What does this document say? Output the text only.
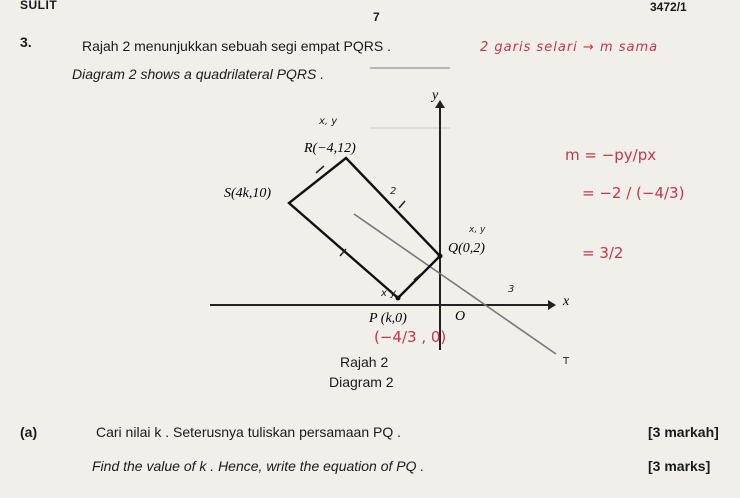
SULIT
7
3472/1
3.	Rajah 2 menunjukkan sebuah segi empat PQRS .
Diagram 2 shows a quadrilateral PQRS .
y
x
O
R(−4,12)
S(4k,10)
Q(0,2)
P (k,0)
x, y
x, y
x y
2
3
T
2 garis selari → m sama
m = −py/px
= −2 / (−4/3)
= 3/2
(−4/3 , 0)
Rajah 2
Diagram 2
(a)	Cari nilai k . Seterusnya tuliskan persamaan PQ .
Find the value of k . Hence, write the equation of PQ .
[3 markah]
[3 marks]
